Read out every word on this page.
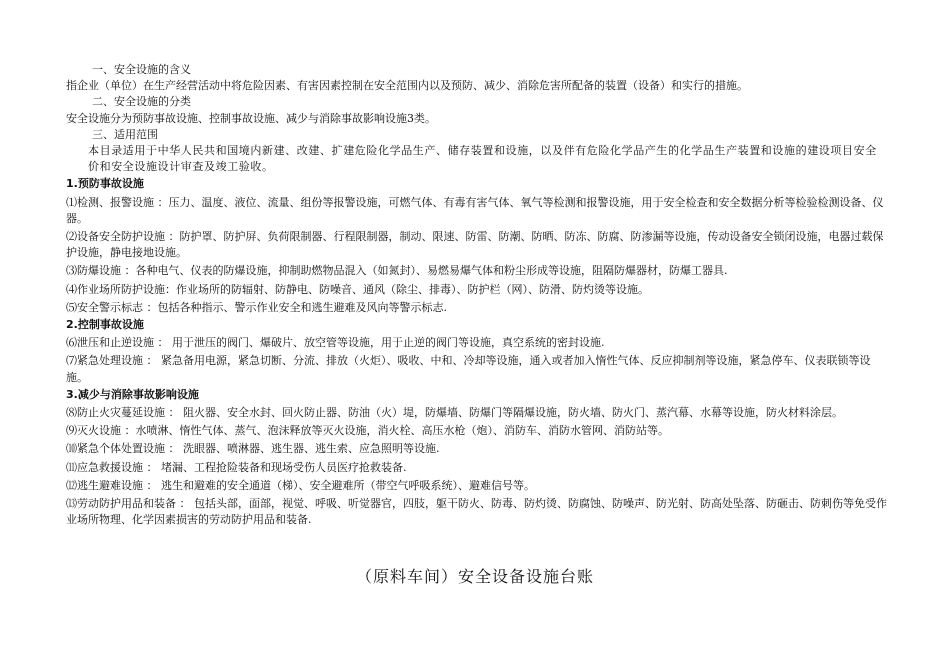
一、安全设施的含义
指企业（单位）在生产经营活动中将危险因素、有害因素控制在安全范围内以及预防、减少、消除危害所配备的装置（设备）和实行的措施。
二、安全设施的分类
安全设施分为预防事故设施、控制事故设施、减少与消除事故影响设施3类。
三、适用范围
本目录适用于中华人民共和国境内新建、改建、扩建危险化学品生产、储存装置和设施，以及伴有危险化学品产生的化学品生产装置和设施的建设项目安全价和安全设施设计审查及竣工验收。
1.预防事故设施
⑴检测、报警设施 ：压力、温度、液位、流量、组份等报警设施，可燃气体、有毒有害气体、氧气等检测和报警设施，用于安全检查和安全数据分析等检验检测设备、仪器。
⑵设备安全防护设施 ：防护罩、防护屏、负荷限制器、行程限制器，制动、限速、防雷、防潮、防晒、防冻、防腐、防渗漏等设施，传动设备安全锁闭设施，电器过载保护设施，静电接地设施。
⑶防爆设施 ：各种电气、仪表的防爆设施，抑制助燃物品混入（如氮封）、易燃易爆气体和粉尘形成等设施，阻隔防爆器材，防爆工器具.
⑷作业场所防护设施：作业场所的防辐射、防静电、防噪音、通风（除尘、排毒）、防护栏（网）、防滑、防灼烫等设施。
⑸安全警示标志 ：包括各种指示、警示作业安全和逃生避难及风向等警示标志.
2.控制事故设施
⑹泄压和止逆设施 ： 用于泄压的阀门、爆破片、放空管等设施，用于止逆的阀门等设施，真空系统的密封设施.
⑺紧急处理设施 ： 紧急备用电源，紧急切断、分流、排放（火炬）、吸收、中和、冷却等设施，通入或者加入惰性气体、反应抑制剂等设施，紧急停车、仪表联锁等设施。
3.减少与消除事故影响设施
⑻防止火灾蔓延设施 ： 阻火器、安全水封、回火防止器、防油（火）堤，防爆墙、防爆门等隔爆设施，防火墙、防火门、蒸汽幕、水幕等设施，防火材料涂层。
⑼灭火设施 ：水喷淋、惰性气体、蒸气、泡沫释放等灭火设施，消火栓、高压水枪（炮）、消防车、消防水管网、消防站等。
⑽紧急个体处置设施 ： 洗眼器、喷淋器、逃生器、逃生索、应急照明等设施.
⑾应急救援设施 ： 堵漏、工程抢险装备和现场受伤人员医疗抢救装备.
⑿逃生避难设施 ： 逃生和避难的安全通道（梯）、安全避难所（带空气呼吸系统）、避难信号等。
⒀劳动防护用品和装备 ： 包括头部，面部，视觉、呼吸、听觉器官，四肢，躯干防火、防毒、防灼烫、防腐蚀、防噪声、防光射、防高处坠落、防砸击、防刺伤等免受作业场所物理、化学因素损害的劳动防护用品和装备.
（原料车间）安全设备设施台账
